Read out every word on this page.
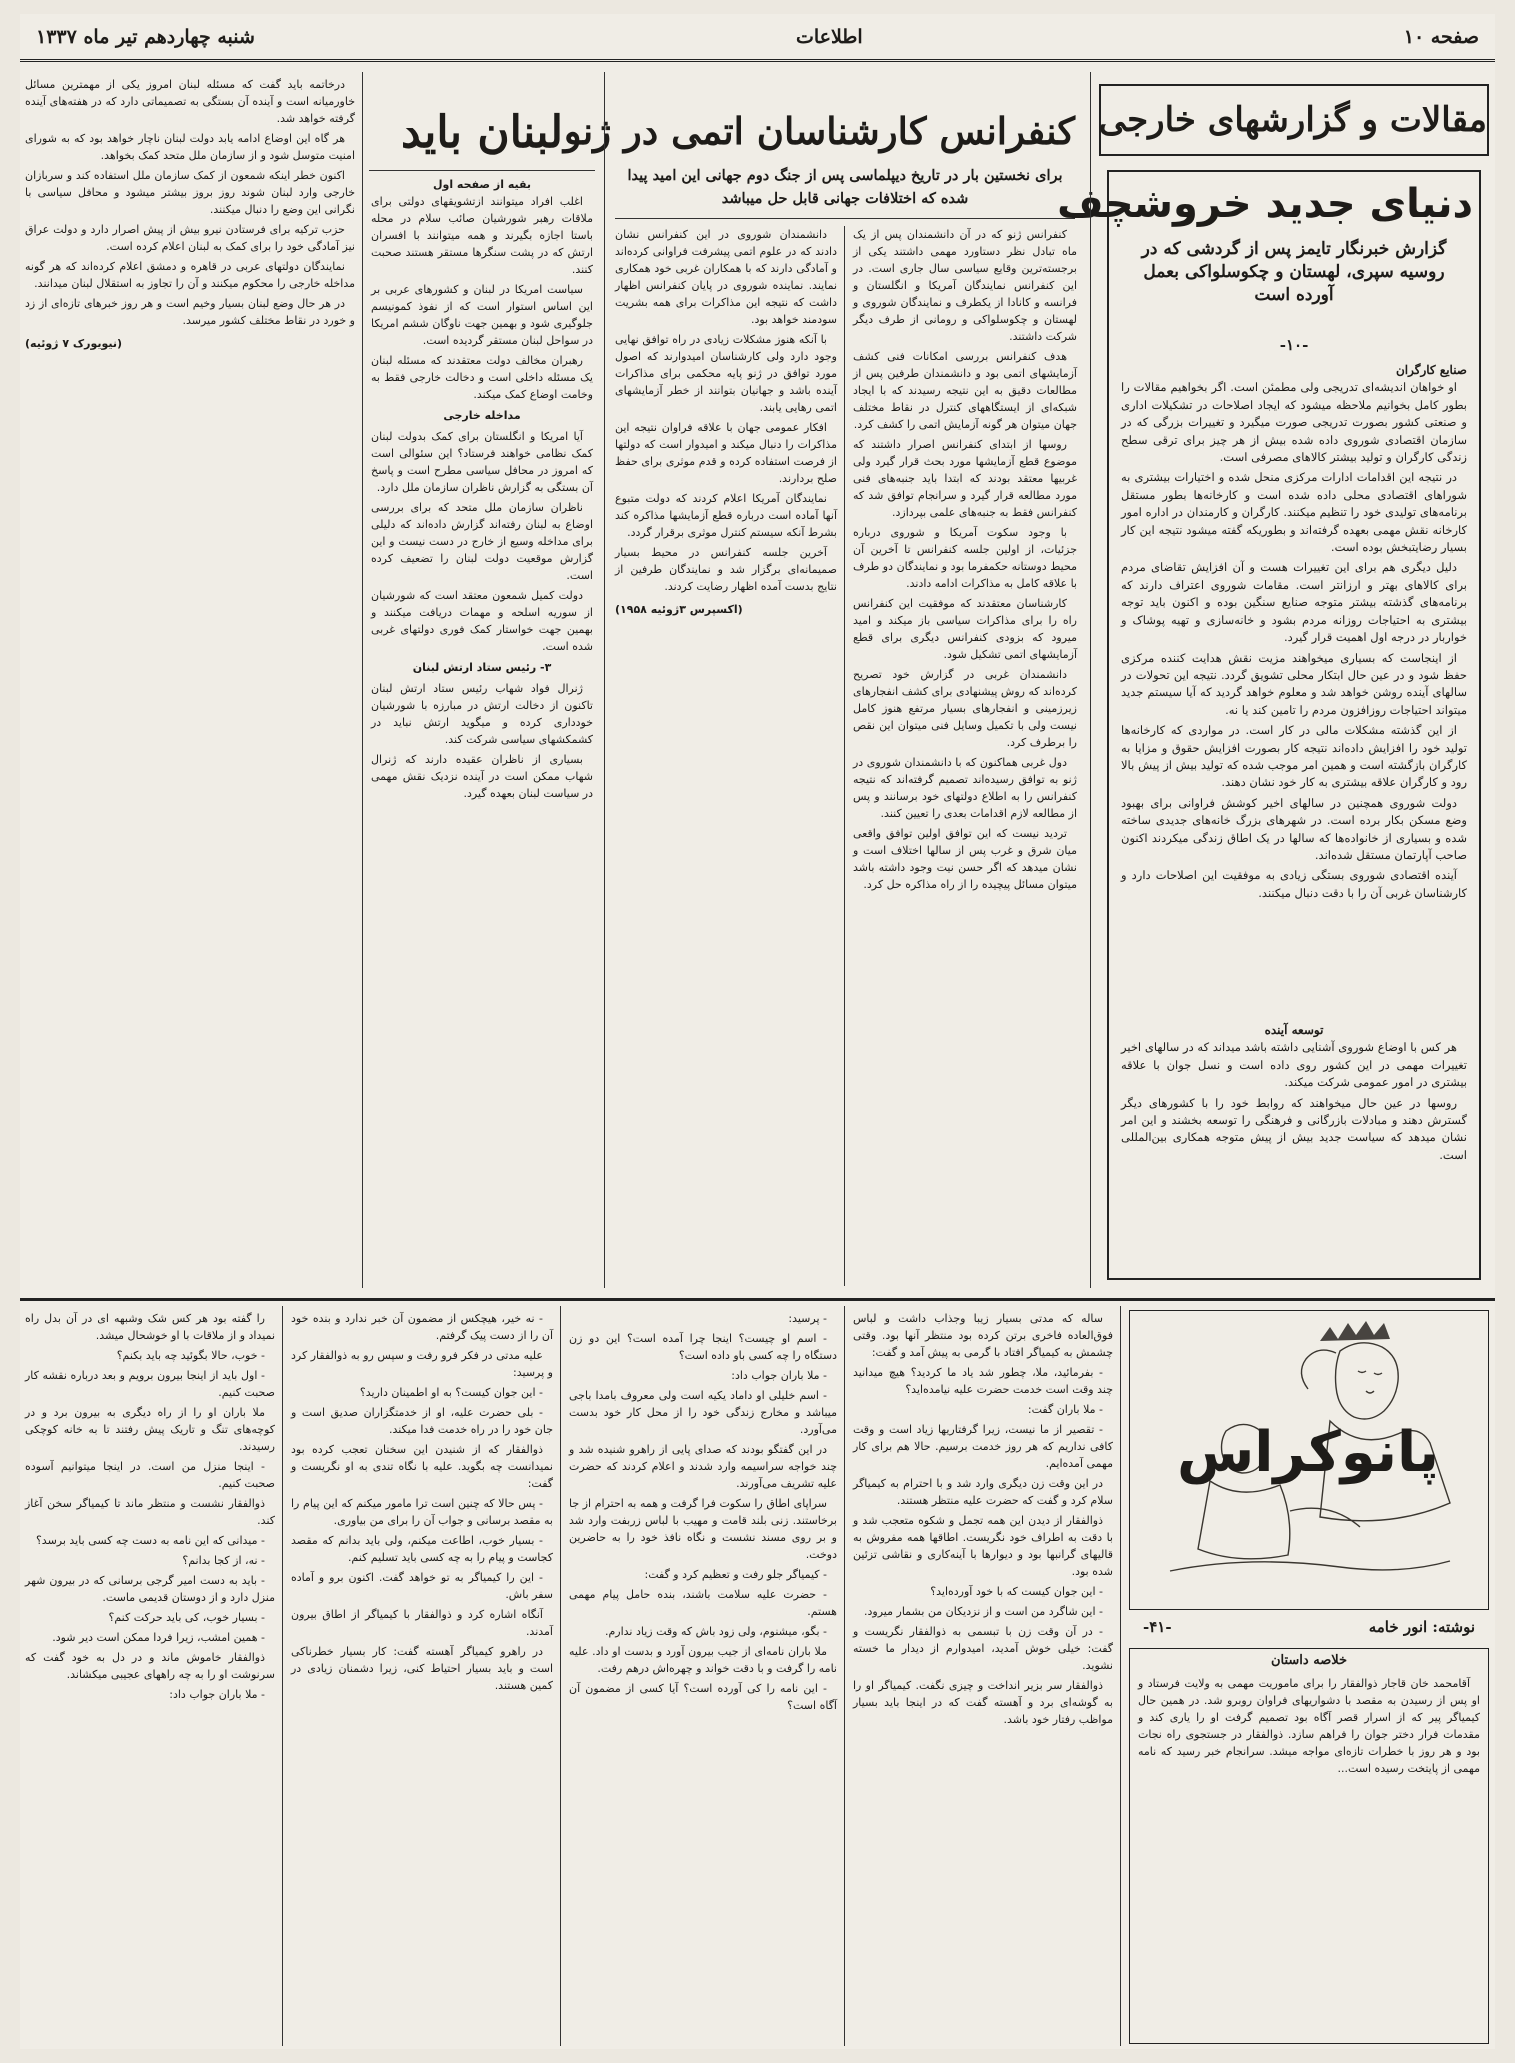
صفحه ۱۰
اطلاعات
شنبه چهاردهم تیر ماه ۱۳۳۷
مقالات و گزارشهای خارجی
دنیای جدید خروشچف
گزارش خبرنگار تایمز پس از گردشی که در روسیه سپری، لهستان و چکوسلواکی بعمل آورده است
-۱۰-
صنایع کارگران

او خواهان اندیشه‌ای تدریجی ولی مطمئن است. اگر بخواهیم مقالات را بطور کامل بخوانیم ملاحظه میشود که ایجاد اصلاحات در تشکیلات اداری و صنعتی کشور بصورت تدریجی صورت میگیرد و تغییرات بزرگی که در سازمان اقتصادی شوروی داده شده بیش از هر چیز برای ترقی سطح زندگی کارگران و تولید بیشتر کالاهای مصرفی است.

در نتیجه این اقدامات ادارات مرکزی منحل شده و اختیارات بیشتری به شوراهای اقتصادی محلی داده شده است و کارخانه‌ها بطور مستقل برنامه‌های تولیدی خود را تنظیم میکنند. کارگران و کارمندان در اداره امور کارخانه نقش مهمی بعهده گرفته‌اند و بطوریکه گفته میشود نتیجه این کار بسیار رضایتبخش بوده است.

دلیل دیگری هم برای این تغییرات هست و آن افزایش تقاضای مردم برای کالاهای بهتر و ارزانتر است. مقامات شوروی اعتراف دارند که برنامه‌های گذشته بیشتر متوجه صنایع سنگین بوده و اکنون باید توجه بیشتری به احتیاجات روزانه مردم بشود و خانه‌سازی و تهیه پوشاک و خواربار در درجه اول اهمیت قرار گیرد.

از اینجاست که بسیاری میخواهند مزیت نقش هدایت کننده مرکزی حفظ شود و در عین حال ابتکار محلی تشویق گردد. نتیجه این تحولات در سالهای آینده روشن خواهد شد و معلوم خواهد گردید که آیا سیستم جدید میتواند احتیاجات روزافزون مردم را تامین کند یا نه.

از این گذشته مشکلات مالی در کار است. در مواردی که کارخانه‌ها تولید خود را افزایش داده‌اند نتیجه کار بصورت افزایش حقوق و مزایا به کارگران بازگشته است و همین امر موجب شده که تولید بیش از پیش بالا رود و کارگران علاقه بیشتری به کار خود نشان دهند.

دولت شوروی همچنین در سالهای اخیر کوشش فراوانی برای بهبود وضع مسکن بکار برده است. در شهرهای بزرگ خانه‌های جدیدی ساخته شده و بسیاری از خانواده‌ها که سالها در یک اطاق زندگی میکردند اکنون صاحب آپارتمان مستقل شده‌اند.

آینده اقتصادی شوروی بستگی زیادی به موفقیت این اصلاحات دارد و کارشناسان غربی آن را با دقت دنبال میکنند.

توسعه آینده

هر کس با اوضاع شوروی آشنایی داشته باشد میداند که در سالهای اخیر تغییرات مهمی در این کشور روی داده است و نسل جوان با علاقه بیشتری در امور عمومی شرکت میکند.

روسها در عین حال میخواهند که روابط خود را با کشورهای دیگر گسترش دهند و مبادلات بازرگانی و فرهنگی را توسعه بخشند و این امر نشان میدهد که سیاست جدید بیش از پیش متوجه همکاری بین‌المللی است.

کنفرانس کارشناسان اتمی در ژنو
برای نخستین بار در تاریخ دیپلماسی پس از جنگ دوم جهانی این امید پیدا شده که اختلافات جهانی قابل حل میباشد

کنفرانس ژنو که در آن دانشمندان پس از یک ماه تبادل نظر دستاورد مهمی داشتند یکی از برجسته‌ترین وقایع سیاسی سال جاری است. در این کنفرانس نمایندگان آمریکا و انگلستان و فرانسه و کانادا از یکطرف و نمایندگان شوروی و لهستان و چکوسلواکی و رومانی از طرف دیگر شرکت داشتند.

هدف کنفرانس بررسی امکانات فنی کشف آزمایشهای اتمی بود و دانشمندان طرفین پس از مطالعات دقیق به این نتیجه رسیدند که با ایجاد شبکه‌ای از ایستگاههای کنترل در نقاط مختلف جهان میتوان هر گونه آزمایش اتمی را کشف کرد.

روسها از ابتدای کنفرانس اصرار داشتند که موضوع قطع آزمایشها مورد بحث قرار گیرد ولی غربیها معتقد بودند که ابتدا باید جنبه‌های فنی مورد مطالعه قرار گیرد و سرانجام توافق شد که کنفرانس فقط به جنبه‌های علمی بپردازد.

با وجود سکوت آمریکا و شوروی درباره جزئیات، از اولین جلسه کنفرانس تا آخرین آن محیط دوستانه حکمفرما بود و نمایندگان دو طرف با علاقه کامل به مذاکرات ادامه دادند.

کارشناسان معتقدند که موفقیت این کنفرانس راه را برای مذاکرات سیاسی باز میکند و امید میرود که بزودی کنفرانس دیگری برای قطع آزمایشهای اتمی تشکیل شود.

دانشمندان غربی در گزارش خود تصریح کرده‌اند که روش پیشنهادی برای کشف انفجارهای زیرزمینی و انفجارهای بسیار مرتفع هنوز کامل نیست ولی با تکمیل وسایل فنی میتوان این نقص را برطرف کرد.

دول غربی هماکنون که با دانشمندان شوروی در ژنو به توافق رسیده‌اند تصمیم گرفته‌اند که نتیجه کنفرانس را به اطلاع دولتهای خود برسانند و پس از مطالعه لازم اقدامات بعدی را تعیین کنند.

تردید نیست که این توافق اولین توافق واقعی میان شرق و غرب پس از سالها اختلاف است و نشان میدهد که اگر حسن نیت وجود داشته باشد میتوان مسائل پیچیده را از راه مذاکره حل کرد.

دانشمندان شوروی در این کنفرانس نشان دادند که در علوم اتمی پیشرفت فراوانی کرده‌اند و آمادگی دارند که با همکاران غربی خود همکاری نمایند. نماینده شوروی در پایان کنفرانس اظهار داشت که نتیجه این مذاکرات برای همه بشریت سودمند خواهد بود.

با آنکه هنوز مشکلات زیادی در راه توافق نهایی وجود دارد ولی کارشناسان امیدوارند که اصول مورد توافق در ژنو پایه محکمی برای مذاکرات آینده باشد و جهانیان بتوانند از خطر آزمایشهای اتمی رهایی یابند.

افکار عمومی جهان با علاقه فراوان نتیجه این مذاکرات را دنبال میکند و امیدوار است که دولتها از فرصت استفاده کرده و قدم موثری برای حفظ صلح بردارند.

نمایندگان آمریکا اعلام کردند که دولت متبوع آنها آماده است درباره قطع آزمایشها مذاکره کند بشرط آنکه سیستم کنترل موثری برقرار گردد.

آخرین جلسه کنفرانس در محیط بسیار صمیمانه‌ای برگزار شد و نمایندگان طرفین از نتایج بدست آمده اظهار رضایت کردند.

(اکسپرس ۳ژوئیه ۱۹۵۸)
لبنان باید
بقیه از صفحه اول

اغلب افراد میتوانند ازتشویقهای دولتی برای ملاقات رهبر شورشیان صائب سلام در محله باستا اجازه بگیرند و همه میتوانند با افسران ارتش که در پشت سنگرها مستقر هستند صحبت کنند.

سیاست امریکا در لبنان و کشورهای عربی بر این اساس استوار است که از نفوذ کمونیسم جلوگیری شود و بهمین جهت ناوگان ششم امریکا در سواحل لبنان مستقر گردیده است.

رهبران مخالف دولت معتقدند که مسئله لبنان یک مسئله داخلی است و دخالت خارجی فقط به وخامت اوضاع کمک میکند.

مداخله خارجی

آیا امریکا و انگلستان برای کمک بدولت لبنان کمک نظامی خواهند فرستاد؟ این سئوالی است که امروز در محافل سیاسی مطرح است و پاسخ آن بستگی به گزارش ناظران سازمان ملل دارد.

ناظران سازمان ملل متحد که برای بررسی اوضاع به لبنان رفته‌اند گزارش داده‌اند که دلیلی برای مداخله وسیع از خارج در دست نیست و این گزارش موقعیت دولت لبنان را تضعیف کرده است.

دولت کمیل شمعون معتقد است که شورشیان از سوریه اسلحه و مهمات دریافت میکنند و بهمین جهت خواستار کمک فوری دولتهای غربی شده است.

۳- رئیس ستاد ارتش لبنان

ژنرال فواد شهاب رئیس ستاد ارتش لبنان تاکنون از دخالت ارتش در مبارزه با شورشیان خودداری کرده و میگوید ارتش نباید در کشمکشهای سیاسی شرکت کند.

بسیاری از ناظران عقیده دارند که ژنرال شهاب ممکن است در آینده نزدیک نقش مهمی در سیاست لبنان بعهده گیرد.

درخاتمه باید گفت که مسئله لبنان امروز یکی از مهمترین مسائل خاورمیانه است و آینده آن بستگی به تصمیماتی دارد که در هفته‌های آینده گرفته خواهد شد.

هر گاه این اوضاع ادامه یابد دولت لبنان ناچار خواهد بود که به شورای امنیت متوسل شود و از سازمان ملل متحد کمک بخواهد.

اکنون خطر اینکه شمعون از کمک سازمان ملل استفاده کند و سربازان خارجی وارد لبنان شوند روز بروز بیشتر میشود و محافل سیاسی با نگرانی این وضع را دنبال میکنند.

حزب ترکیه برای فرستادن نیرو بیش از پیش اصرار دارد و دولت عراق نیز آمادگی خود را برای کمک به لبنان اعلام کرده است.

نمایندگان دولتهای عربی در قاهره و دمشق اعلام کرده‌اند که هر گونه مداخله خارجی را محکوم میکنند و آن را تجاوز به استقلال لبنان میدانند.

در هر حال وضع لبنان بسیار وخیم است و هر روز خبرهای تازه‌ای از زد و خورد در نقاط مختلف کشور میرسد.

(نیویورک ۷ ژوئیه)
پانوکراس
نوشته: انور خامه
-۴۱-
خلاصه داستان

آقامحمد خان قاجار ذوالفقار را برای ماموریت مهمی به ولایت فرستاد و او پس از رسیدن به مقصد با دشواریهای فراوان روبرو شد. در همین حال کیمیاگر پیر که از اسرار قصر آگاه بود تصمیم گرفت او را یاری کند و مقدمات فرار دختر جوان را فراهم سازد. ذوالفقار در جستجوی راه نجات بود و هر روز با خطرات تازه‌ای مواجه میشد. سرانجام خبر رسید که نامه مهمی از پایتخت رسیده است...

ساله که مدتی بسیار زیبا وجذاب داشت و لباس فوق‌العاده فاخری برتن کرده بود منتظر آنها بود. وقتی چشمش به کیمیاگر افتاد با گرمی به پیش آمد و گفت:

- بفرمائید، ملا، چطور شد یاد ما کردید؟ هیچ میدانید چند وقت است خدمت حضرت علیه نیامده‌اید؟

- ملا باران گفت:

- تقصیر از ما نیست، زیرا گرفتاریها زیاد است و وقت کافی نداریم که هر روز خدمت برسیم. حالا هم برای کار مهمی آمده‌ایم.

در این وقت زن دیگری وارد شد و با احترام به کیمیاگر سلام کرد و گفت که حضرت علیه منتظر هستند.

ذوالفقار از دیدن این همه تجمل و شکوه متعجب شد و با دقت به اطراف خود نگریست. اطاقها همه مفروش به قالیهای گرانبها بود و دیوارها با آینه‌کاری و نقاشی تزئین شده بود.

- این جوان کیست که با خود آورده‌اید؟

- این شاگرد من است و از نزدیکان من بشمار میرود.

- در آن وقت زن با تبسمی به ذوالفقار نگریست و گفت: خیلی خوش آمدید، امیدوارم از دیدار ما خسته نشوید.

ذوالفقار سر بزیر انداخت و چیزی نگفت. کیمیاگر او را به گوشه‌ای برد و آهسته گفت که در اینجا باید بسیار مواظب رفتار خود باشد.

- پرسید:

- اسم او چیست؟ اینجا چرا آمده است؟ این دو زن دستگاه را چه کسی باو داده است؟

- ملا باران جواب داد:

- اسم خلیلی او داماد یکیه است ولی معروف بامدا باجی میباشد و مخارج زندگی خود را از محل کار خود بدست می‌آورد.

در این گفتگو بودند که صدای پایی از راهرو شنیده شد و چند خواجه سراسیمه وارد شدند و اعلام کردند که حضرت علیه تشریف می‌آورند.

سراپای اطاق را سکوت فرا گرفت و همه به احترام از جا برخاستند. زنی بلند قامت و مهیب با لباس زربفت وارد شد و بر روی مسند نشست و نگاه نافذ خود را به حاضرین دوخت.

- کیمیاگر جلو رفت و تعظیم کرد و گفت:

- حضرت علیه سلامت باشند، بنده حامل پیام مهمی هستم.

- بگو، میشنوم، ولی زود باش که وقت زیاد ندارم.

ملا باران نامه‌ای از جیب بیرون آورد و بدست او داد. علیه نامه را گرفت و با دقت خواند و چهره‌اش درهم رفت.

- این نامه را کی آورده است؟ آیا کسی از مضمون آن آگاه است؟

- نه خیر، هیچکس از مضمون آن خبر ندارد و بنده خود آن را از دست پیک گرفتم.

علیه مدتی در فکر فرو رفت و سپس رو به ذوالفقار کرد و پرسید:

- این جوان کیست؟ به او اطمینان دارید؟

- بلی حضرت علیه، او از خدمتگزاران صدیق است و جان خود را در راه خدمت فدا میکند.

ذوالفقار که از شنیدن این سخنان تعجب کرده بود نمیدانست چه بگوید. علیه با نگاه تندی به او نگریست و گفت:

- پس حالا که چنین است ترا مامور میکنم که این پیام را به مقصد برسانی و جواب آن را برای من بیاوری.

- بسیار خوب، اطاعت میکنم، ولی باید بدانم که مقصد کجاست و پیام را به چه کسی باید تسلیم کنم.

- این را کیمیاگر به تو خواهد گفت. اکنون برو و آماده سفر باش.

آنگاه اشاره کرد و ذوالفقار با کیمیاگر از اطاق بیرون آمدند.

در راهرو کیمیاگر آهسته گفت: کار بسیار خطرناکی است و باید بسیار احتیاط کنی، زیرا دشمنان زیادی در کمین هستند.

را گفته بود هر کس شک وشبهه ای در آن بدل راه نمیداد و از ملاقات با او خوشحال میشد.

- خوب، حالا بگوئید چه باید بکنم؟

- اول باید از اینجا بیرون برویم و بعد درباره نقشه کار صحبت کنیم.

ملا باران او را از راه دیگری به بیرون برد و در کوچه‌های تنگ و تاریک پیش رفتند تا به خانه کوچکی رسیدند.

- اینجا منزل من است. در اینجا میتوانیم آسوده صحبت کنیم.

ذوالفقار نشست و منتظر ماند تا کیمیاگر سخن آغاز کند.

- میدانی که این نامه به دست چه کسی باید برسد؟

- نه، از کجا بدانم؟

- باید به دست امیر گرجی برسانی که در بیرون شهر منزل دارد و از دوستان قدیمی ماست.

- بسیار خوب، کی باید حرکت کنم؟

- همین امشب، زیرا فردا ممکن است دیر شود.

ذوالفقار خاموش ماند و در دل به خود گفت که سرنوشت او را به چه راههای عجیبی میکشاند.

- ملا باران جواب داد:
